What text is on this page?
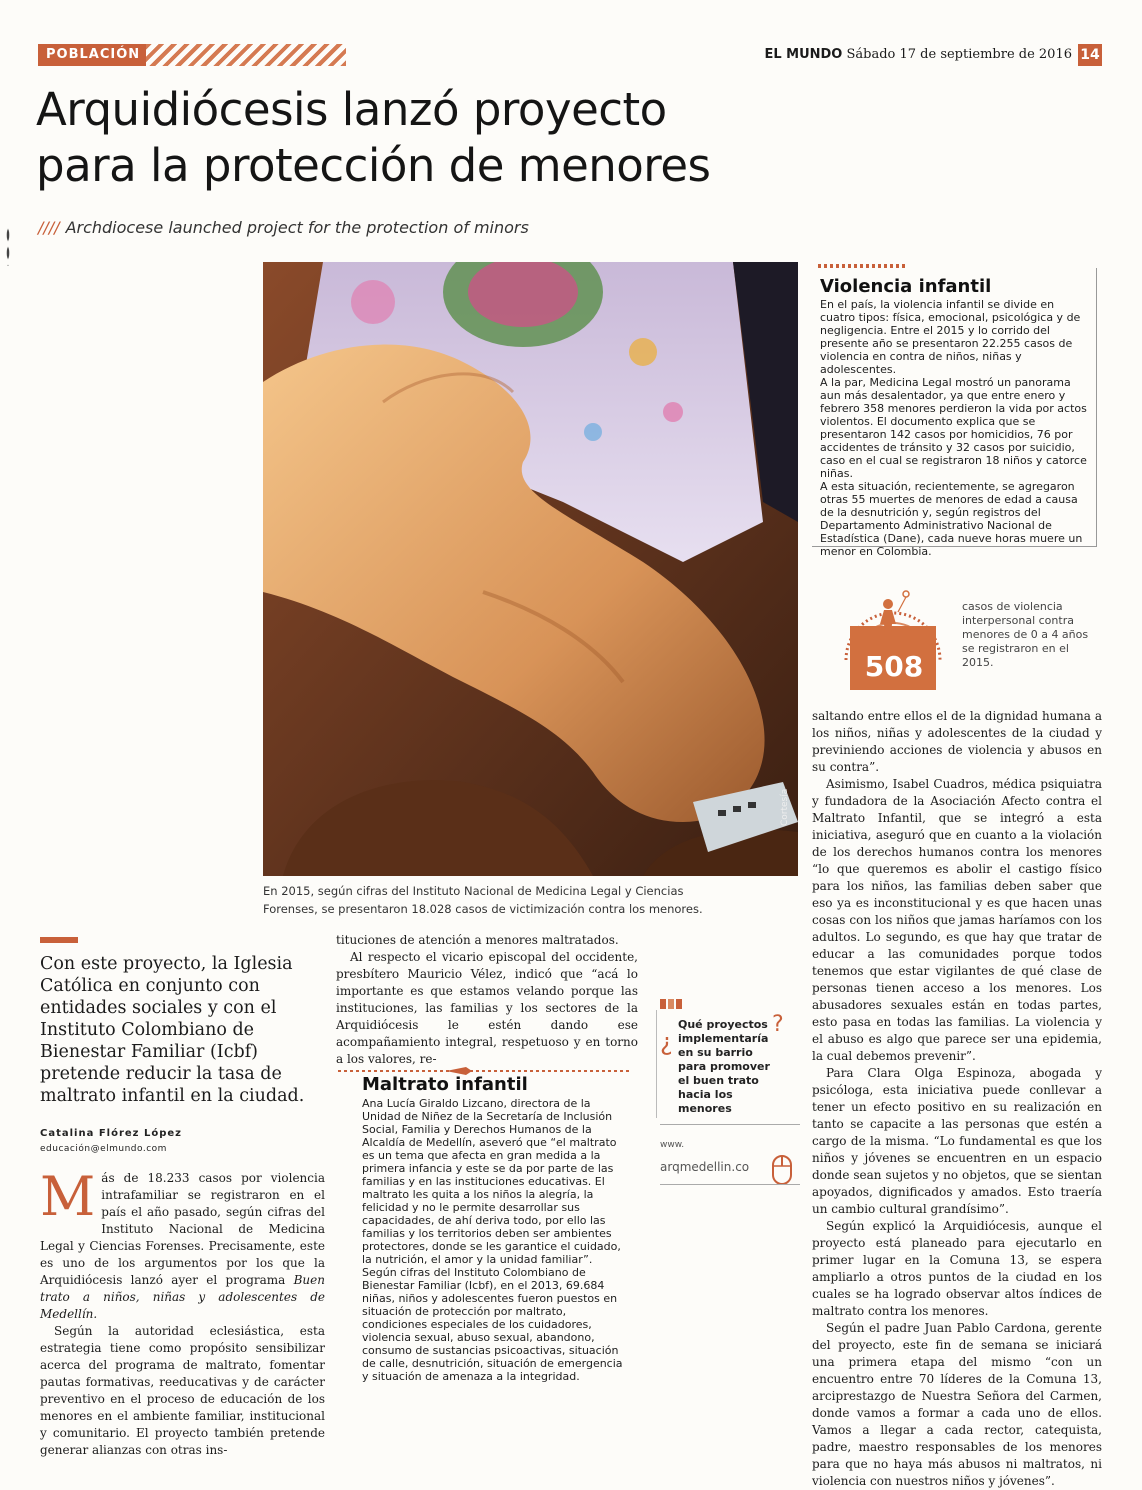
POBLACIÓN	EL MUNDO Sábado 17 de septiembre de 2016 14
Arquidiócesis lanzó proyecto
para la protección de menores
//// Archdiocese launched project for the protection of minors
Cortesía
En 2015, según cifras del Instituto Nacional de Medicina Legal y Ciencias Forenses, se presentaron 18.028 casos de victimización contra los menores.
Violencia infantil

En el país, la violencia infantil se divide en cuatro tipos: física, emocional, psicológica y de negligencia. Entre el 2015 y lo corrido del presente año se presentaron 22.255 casos de violencia en contra de niños, niñas y adolescentes.

A la par, Medicina Legal mostró un panorama aun más desalentador, ya que entre enero y febrero 358 menores perdieron la vida por actos violentos. El documento explica que se presentaron 142 casos por homicidios, 76 por accidentes de tránsito y 32 casos por suicidio, caso en el cual se registraron 18 niños y catorce niñas.

A esta situación, recientemente, se agregaron otras 55 muertes de menores de edad a causa de la desnutrición y, según registros del Departamento Administrativo Nacional de Estadística (Dane), cada nueve horas muere un menor en Colombia.

508
casos de violencia interpersonal contra menores de 0 a 4 años se registraron en el 2015.

saltando entre ellos el de la dignidad humana a los niños, niñas y adolescentes de la ciudad y previniendo acciones de violencia y abusos en su contra”.

Asimismo, Isabel Cuadros, médica psiquiatra y fundadora de la Asociación Afecto contra el Maltrato Infantil, que se integró a esta iniciativa, aseguró que en cuanto a la violación de los derechos humanos contra los menores “lo que queremos es abolir el castigo físico para los niños, las familias deben saber que eso ya es inconstitucional y es que hacen unas cosas con los niños que jamas haríamos con los adultos. Lo segundo, es que hay que tratar de educar a las comunidades porque todos tenemos que estar vigilantes de qué clase de personas tienen acceso a los menores. Los abusadores sexuales están en todas partes, esto pasa en todas las familias. La violencia y el abuso es algo que parece ser una epidemia, la cual debemos prevenir”.

Para Clara Olga Espinoza, abogada y psicóloga, esta iniciativa puede conllevar a tener un efecto positivo en su realización en tanto se capacite a las personas que estén a cargo de la misma. “Lo fundamental es que los niños y jóvenes se encuentren en un espacio donde sean sujetos y no objetos, que se sientan apoyados, dignificados y amados. Esto traería un cambio cultural grandísimo”.

Según explicó la Arquidiócesis, aunque el proyecto está planeado para ejecutarlo en primer lugar en la Comuna 13, se espera ampliarlo a otros puntos de la ciudad en los cuales se ha logrado observar altos índices de maltrato contra los menores.

Según el padre Juan Pablo Cardona, gerente del proyecto, este fin de semana se iniciará una primera etapa del mismo “con un encuentro entre 70 líderes de la Comuna 13, arciprestazgo de Nuestra Señora del Carmen, donde vamos a formar a cada uno de ellos. Vamos a llegar a cada rector, catequista, padre, maestro responsables de los menores para que no haya más abusos ni maltratos, ni violencia con nuestros niños y jóvenes”.

Con este proyecto, la Iglesia Católica en conjunto con entidades sociales y con el Instituto Colombiano de Bienestar Familiar (Icbf) pretende reducir la tasa de maltrato infantil en la ciudad.
Catalina Flórez López
educación@elmundo.com

Más de 18.233 casos por violencia intrafamiliar se registraron en el país el año pasado, según cifras del Instituto Nacional de Medicina Legal y Ciencias Forenses. Precisamente, este es uno de los argumentos por los que la Arquidiócesis lanzó ayer el programa Buen trato a niños, niñas y adolescentes de Medellín.

Según la autoridad eclesiástica, esta estrategia tiene como propósito sensibilizar acerca del programa de maltrato, fomentar pautas formativas, reeducativas y de carácter preventivo en el proceso de educación de los menores en el ambiente familiar, institucional y comunitario. El proyecto también pretende generar alianzas con otras ins-

tituciones de atención a menores maltratados.

Al respecto el vicario episcopal del occidente, presbítero Mauricio Vélez, indicó que “acá lo importante es que estamos velando porque las instituciones, las familias y los sectores de la Arquidiócesis le estén dando ese acompañamiento integral, respetuoso y en torno a los valores, re-

Maltrato infantil

Ana Lucía Giraldo Lizcano, directora de la Unidad de Niñez de la Secretaría de Inclusión Social, Familia y Derechos Humanos de la Alcaldía de Medellín, aseveró que “el maltrato es un tema que afecta en gran medida a la primera infancia y este se da por parte de las familias y en las instituciones educativas. El maltrato les quita a los niños la alegría, la felicidad y no le permite desarrollar sus capacidades, de ahí deriva todo, por ello las familias y los territorios deben ser ambientes protectores, donde se les garantice el cuidado, la nutrición, el amor y la unidad familiar”.

Según cifras del Instituto Colombiano de Bienestar Familiar (Icbf), en el 2013, 69.684 niñas, niños y adolescentes fueron puestos en situación de protección por maltrato, condiciones especiales de los cuidadores, violencia sexual, abuso sexual, abandono, consumo de sustancias psicoactivas, situación de calle, desnutrición, situación de emergencia y situación de amenaza a la integridad.

¿
?
Qué proyectos implementaría en su barrio para promover el buen trato hacia los menores
www.
arqmedellin.co
